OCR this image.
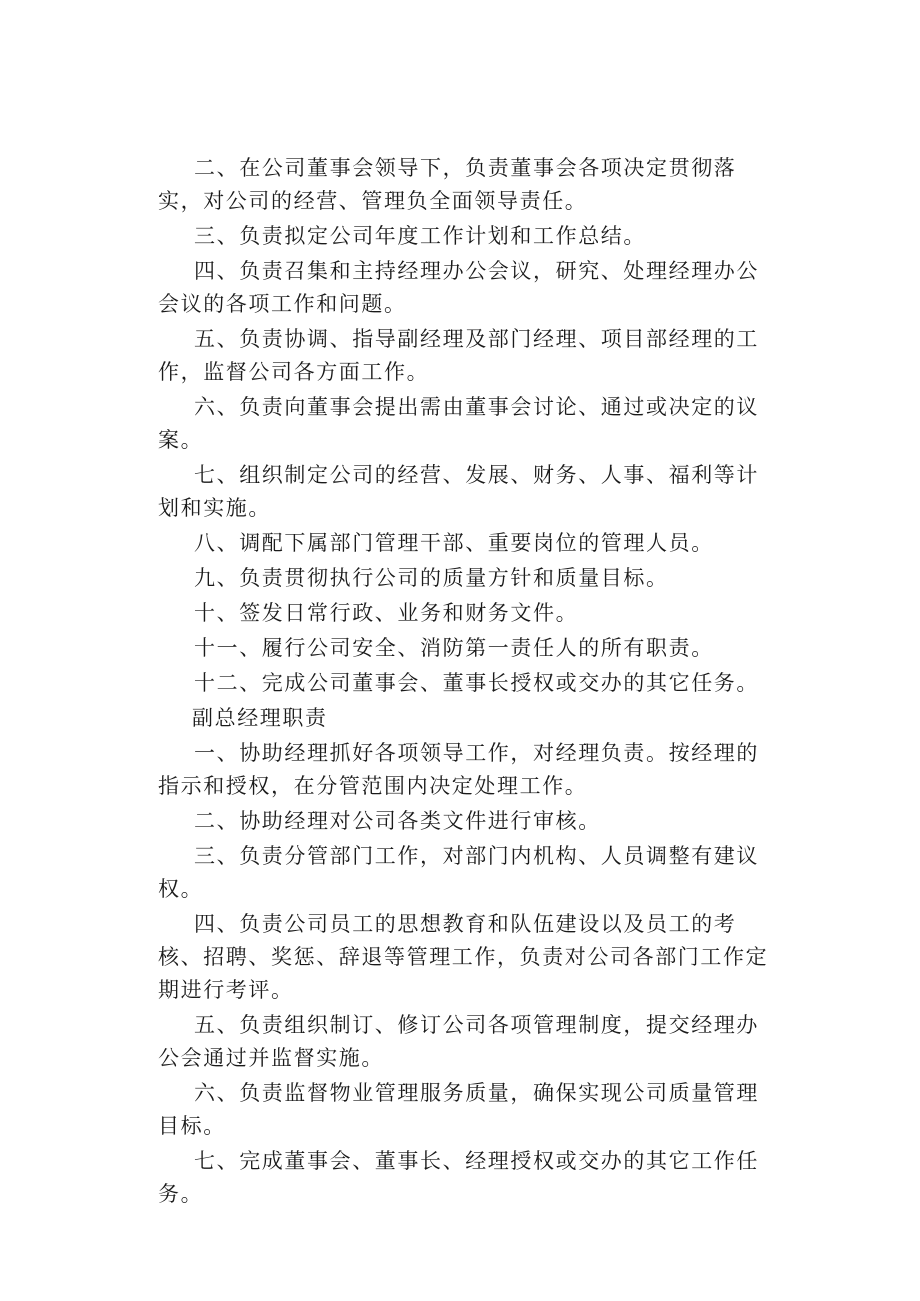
二、在公司董事会领导下，负责董事会各项决定贯彻落实，对公司的经营、管理负全面领导责任。

三、负责拟定公司年度工作计划和工作总结。

四、负责召集和主持经理办公会议，研究、处理经理办公会议的各项工作和问题。

五、负责协调、指导副经理及部门经理、项目部经理的工作，监督公司各方面工作。

六、负责向董事会提出需由董事会讨论、通过或决定的议案。

七、组织制定公司的经营、发展、财务、人事、福利等计划和实施。

八、调配下属部门管理干部、重要岗位的管理人员。

九、负责贯彻执行公司的质量方针和质量目标。

十、签发日常行政、业务和财务文件。

十一、履行公司安全、消防第一责任人的所有职责。

十二、完成公司董事会、董事长授权或交办的其它任务。

副总经理职责

一、协助经理抓好各项领导工作，对经理负责。按经理的指示和授权，在分管范围内决定处理工作。

二、协助经理对公司各类文件进行审核。

三、负责分管部门工作，对部门内机构、人员调整有建议权。

四、负责公司员工的思想教育和队伍建设以及员工的考核、招聘、奖惩、辞退等管理工作，负责对公司各部门工作定期进行考评。

五、负责组织制订、修订公司各项管理制度，提交经理办公会通过并监督实施。

六、负责监督物业管理服务质量，确保实现公司质量管理目标。

七、完成董事会、董事长、经理授权或交办的其它工作任务。
